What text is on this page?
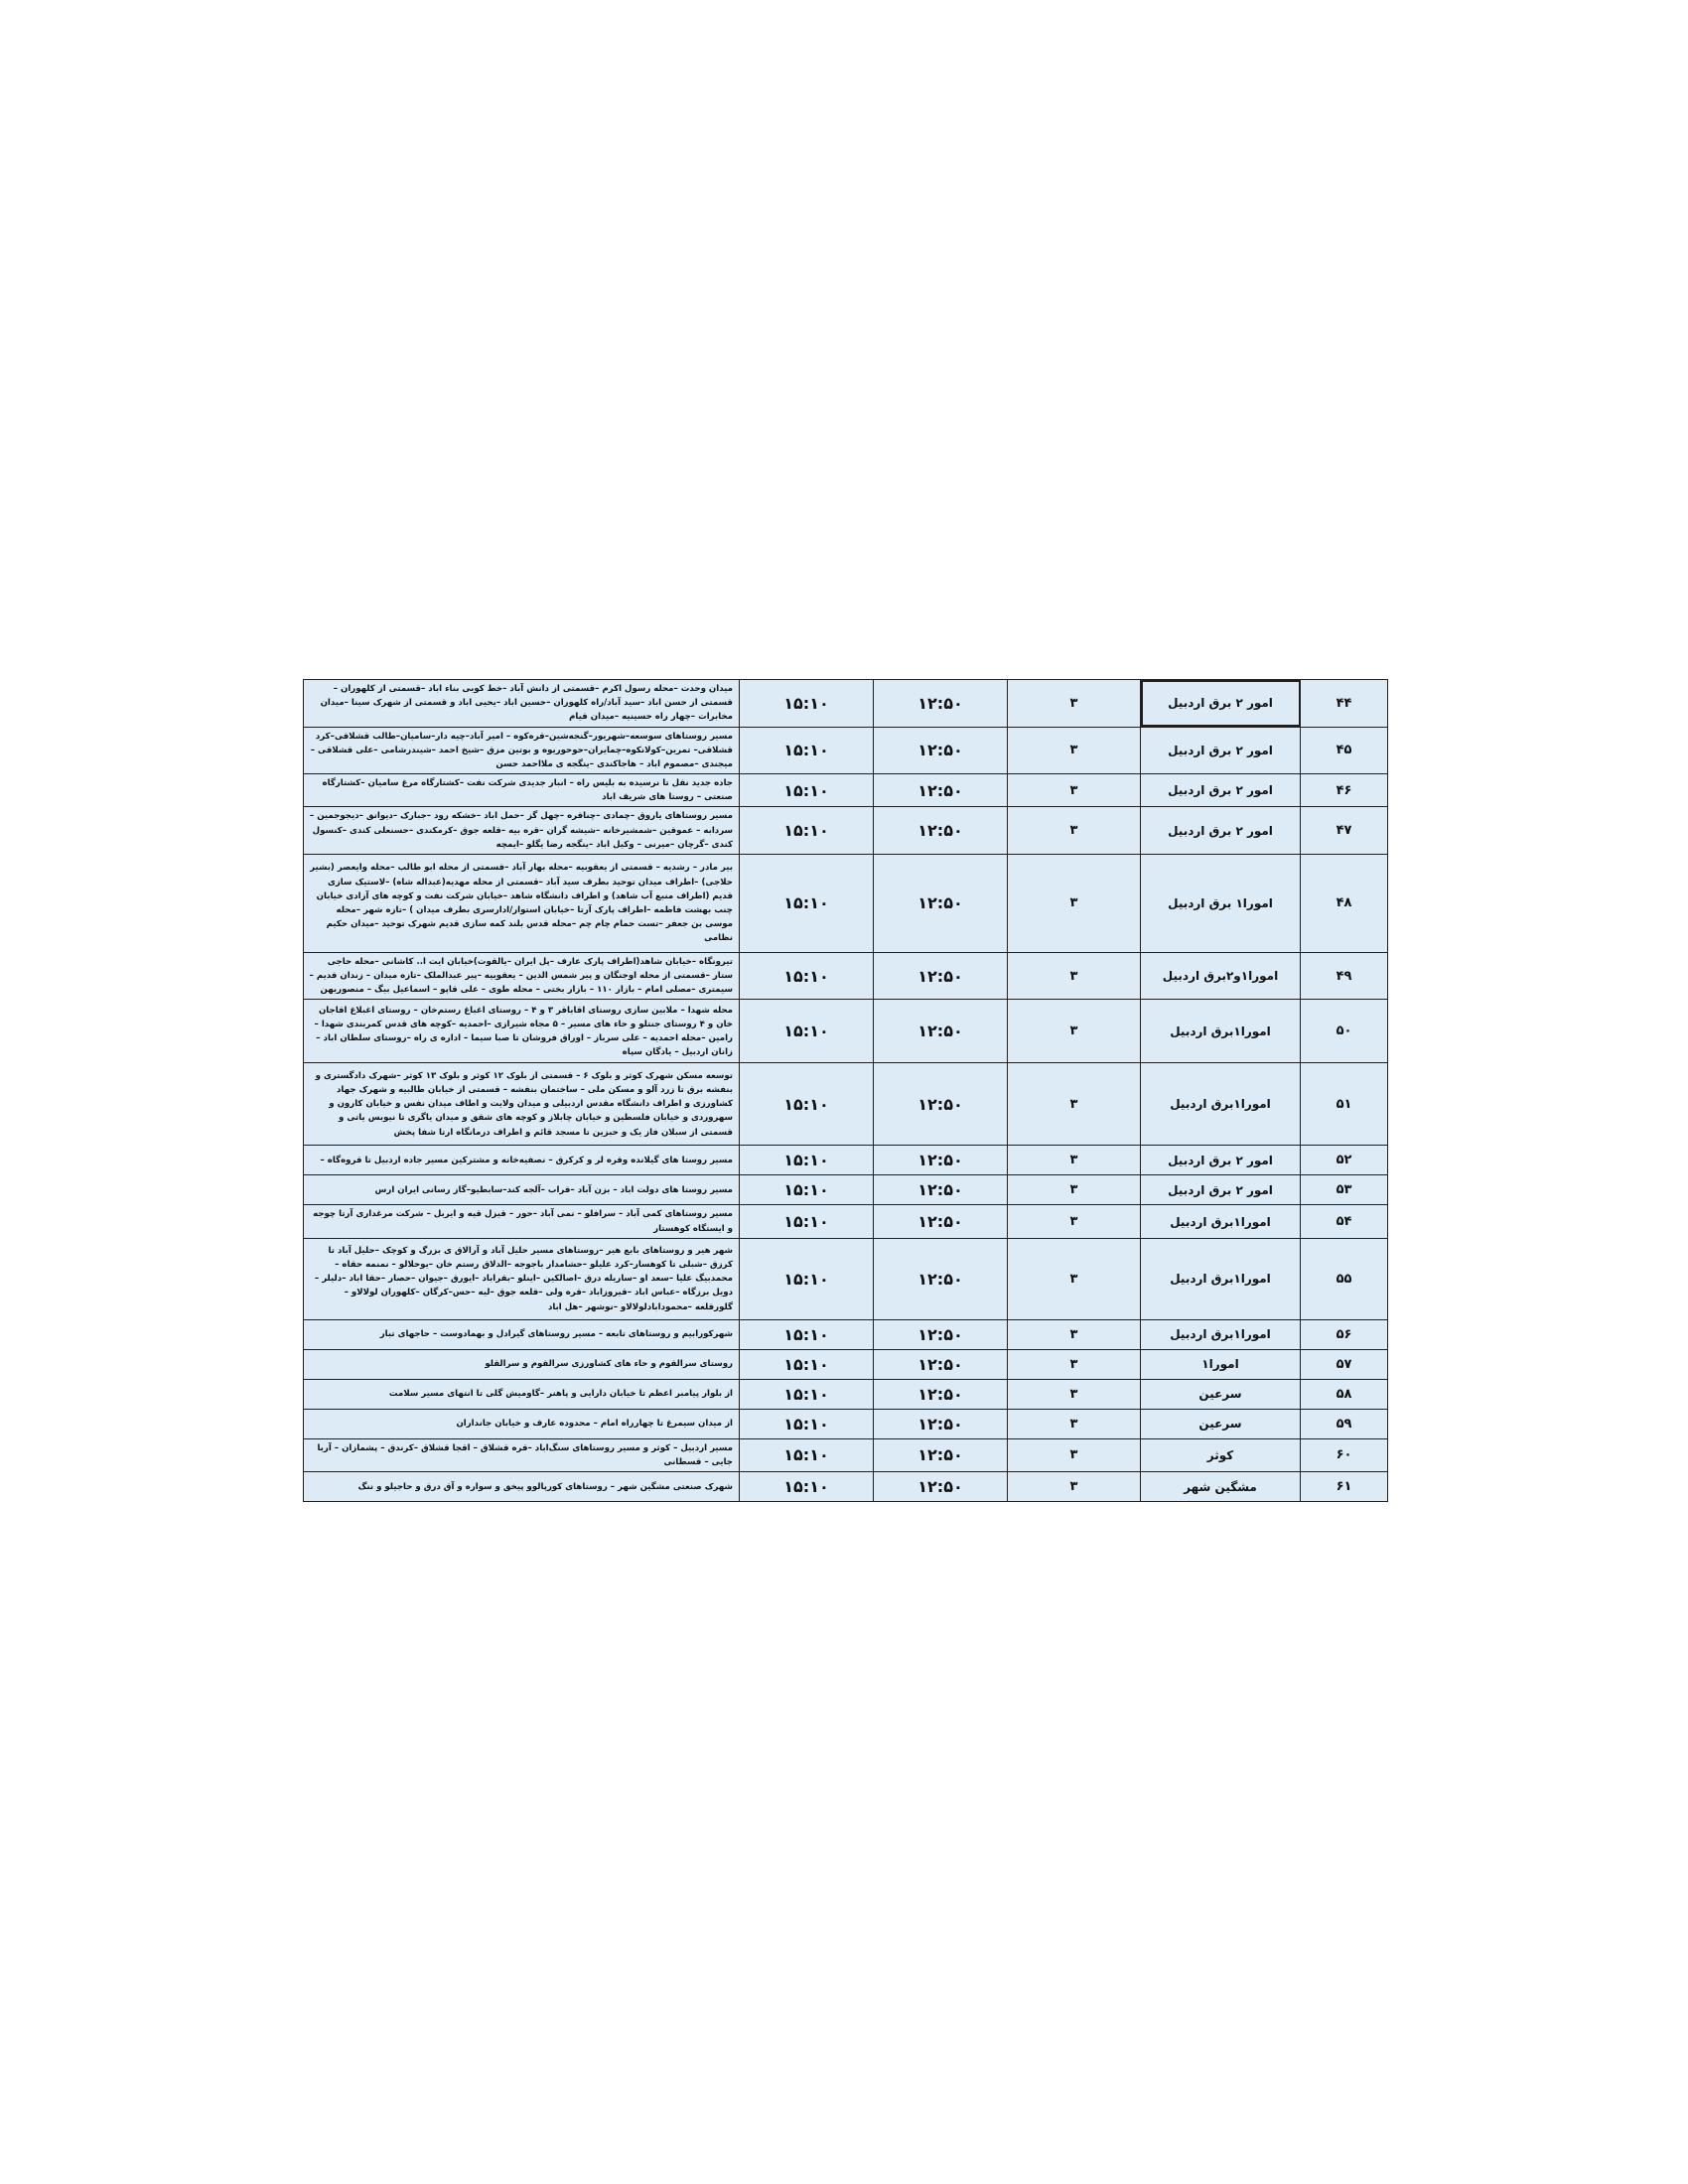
۴۴	امور ۲ برق اردبیل	۳	۱۲:۵۰	۱۵:۱۰	میدان وحدت –محله رسول اکرم –قسمتی از دانش آباد –خط کوبی بناء اباد –قسمتی از کلهوران –قسمتی از حسن اباد –سید آباد/راه کلهوران –حسین اباد –یحیی اباد و قسمتی از شهرک سینا –میدان مخابرات –چهار راه حسینیه –میدان قیام
۴۵	امور ۲ برق اردبیل	۳	۱۲:۵۰	۱۵:۱۰	مسیر روستاهای سوسعه–شهریور–گنجه‌شین–قره‌کوه – امیر آباد–چیه دار–سامیان–طالب قشلاقی–کرد قشلاقی– تمرین–کولانکوه–چمایران–حوحوریوه و بوتین مزق –شیخ احمد –شیندرشامی –علی قشلاقی –میجندی –مصموم اباد – هاجاکندی –ینگجه ی ملااحمد حسن
۴۶	امور ۲ برق اردبیل	۳	۱۲:۵۰	۱۵:۱۰	جاده جدید نقل تا نرسیده به بلیس راه – انبار جدیدی شرکت نفت –کشتارگاه مرغ سامیان –کشتارگاه صنعتی – روستا های شریف اباد
۴۷	امور ۲ برق اردبیل	۳	۱۲:۵۰	۱۵:۱۰	مسیر روستاهای یاروق –چمادی –چناقره –چهل گز –حمل اباد –خشکه رود –جبارک –دیوانق –دیجوجمین –سردابه – عموقین –شمشیرخانه –شیشه گران –قره بیه –قلعه جوق –کرمکندی –حسنعلی کندی –کنسول کندی –گرچان –میرنی – وکیل اباد –ینگجه رضا یگلو –ایمچه
۴۸	امورا۱ برق اردبیل	۳	۱۲:۵۰	۱۵:۱۰	بیر مادر – رشدیه – قسمتی از یعقوبیه –محله بهار آباد –قسمتی از محله ابو طالب –محله وایعصر (بشیر حلاجی) –اطراف میدان توحید بطرف سید آباد –قسمتی از محله مهدیه(عبداله شاه) –لاستیک سازی قدیم (اطراف منبع آب شاهد) و اطراف دانشگاه شاهد –خیابان شرکت نفت و کوچه های آزادی خیابان چنب بهشت فاطمه –اطراف پارک آرتا –خیابان استوار/ادارسری بطرف میدان ) –تازه شهر –محله موسی بن جعفر –تست حمام چام چم –محله قدس بلند کمه سازی قدیم شهرک توحید –میدان حکیم نظامی
۴۹	امورا۱و۲برق اردبیل	۳	۱۲:۵۰	۱۵:۱۰	تیرونگاه –خیابان شاهد(اطراف پارک عارف –پل ایران –یالقوت)خیابان ایت ا.. کاشانی –محله حاجی ستار –قسمتی از محله اوجنگان و پیر شمس الدین – یعقوبیه –پیر عبدالملک –تازه میدان – زندان قدیم –سیمتری –مصلی امام – بازار ۱۱۰ – بازار بختی – محله طوی – علی قاپو – اسماعیل بیگ – منصوریهن
۵۰	امورا۱برق اردبیل	۳	۱۲:۵۰	۱۵:۱۰	محله شهدا – ملابین سازی روستای اقاباقر ۳ و ۴ – روستای اغباغ رستم‌خان – روستای اغبلاغ اقاجان خان و ۴ روستای جنتلو و حاء های مسیر – ۵ مجاه شیرازی –احمدیه –کوچه های قدس کمربندی شهدا –رامین –محله احمدیه – علی سرباز – اوراق فروشان تا صبا سیما – اداره ی راه –روستای سلطان اباد –زانان اردبیل – یادگان سپاه
۵۱	امورا۱برق اردبیل	۳	۱۲:۵۰	۱۵:۱۰	توسعه مسکن شهرک کوثر و بلوک ۶ – قسمتی از بلوک ۱۲ کوثر و بلوک ۱۳ کوثر –شهرک دادگستری و بنفشه برق تا زرد آلو و مسکن ملی – ساختمان بنفشه – قسمتی از خیابان طالبیه و شهرک جهاد کشاورزی و اطراف دانشگاه مقدس اردبیلی و میدان ولایت و اطاف میدان نفس و خیابان کارون و سهروردی و خیابان فلسطین و خیابان چابلاز و کوچه های شقق و میدان یاگری تا نیوبس یاتی و قسمتی از سبلان فاز یک و حبزین تا مسجد قائم و اطراف درمانگاه ارتا شفا پخش
۵۲	امور ۲ برق اردبیل	۳	۱۲:۵۰	۱۵:۱۰	مسیر روستا های گیلانده وقره لر و کرکرق – نصفیه‌خانه و مشترکین مسیر جاده اردبیل تا قروه‌گاه –
۵۳	امور ۲ برق اردبیل	۳	۱۲:۵۰	۱۵:۱۰	مسیر روستا های دولت اباد – بزن آباد –قراب –آلجه کند–سابطیو–گاز رسانی ایران ارس
۵۴	امورا۱برق اردبیل	۳	۱۲:۵۰	۱۵:۱۰	مسیر روستاهای کمی آباد – سرافلو – نمی آباد –حور – قیزل قیه و ایربل – شرکت مرغداری آرتا چوجه و ایستگاه کوهستار
۵۵	امورا۱برق اردبیل	۳	۱۲:۵۰	۱۵:۱۰	شهر هیر و روستاهای بابع هیر –روستاهای مسیر حلیل آباد و آرالاق ی بزرگ و کوچک –حلیل آباد تا کرزق –شبلی تا کوهسار–کرد علیلو –حشامدار باجوجه –الدلاق رستم خان –یوحلالو – نمنمه حقاه –محمدبیگ علیا –سعد او –ساریله درق –اصالکین –اینلو –بقراباد –ایورق –جیوان –حصار –حقا اباد –دلیلر –دویل برزگاه –عباس اباد –قیروزاباد –قره ولی –قلعه جوق –لیه –حس–کرگان –کلهوران لولالاو –گلورقلعه –محمودابادلولالاو –نوشهر –هل اباد
۵۶	امورا۱برق اردبیل	۳	۱۲:۵۰	۱۵:۱۰	شهرکورابیم و روستاهای تابعه – مسیر روستاهای گیرادل و بهمادوست – حاجهای تبار
۵۷	امورا۱	۳	۱۲:۵۰	۱۵:۱۰	روستای سرالقوم و حاء های کشاورزی سرالقوم و سرالقلو
۵۸	سرعین	۳	۱۲:۵۰	۱۵:۱۰	از بلوار پیامبر اعظم تا خیابان دارایی و پاهنر –گاومیش گلی تا انتهای مسیر سلامت
۵۹	سرعین	۳	۱۲:۵۰	۱۵:۱۰	از میدان سیمرغ تا چهارراه امام – محدوده عارف و خیابان جانداران
۶۰	کوثر	۳	۱۲:۵۰	۱۵:۱۰	مسیر اردبیل – کوثر و مسیر روستاهای سنگ‌اباد –قره قشلاق – اقجا قشلاق –کرندق – پشمازان – آربا جایی – قسطانی
۶۱	مشگین شهر	۳	۱۲:۵۰	۱۵:۱۰	شهرک صنعتی مشگین شهر – روستاهای کورپالوو پیخق و سواره و آق درق و حاجیلو و ننگ
